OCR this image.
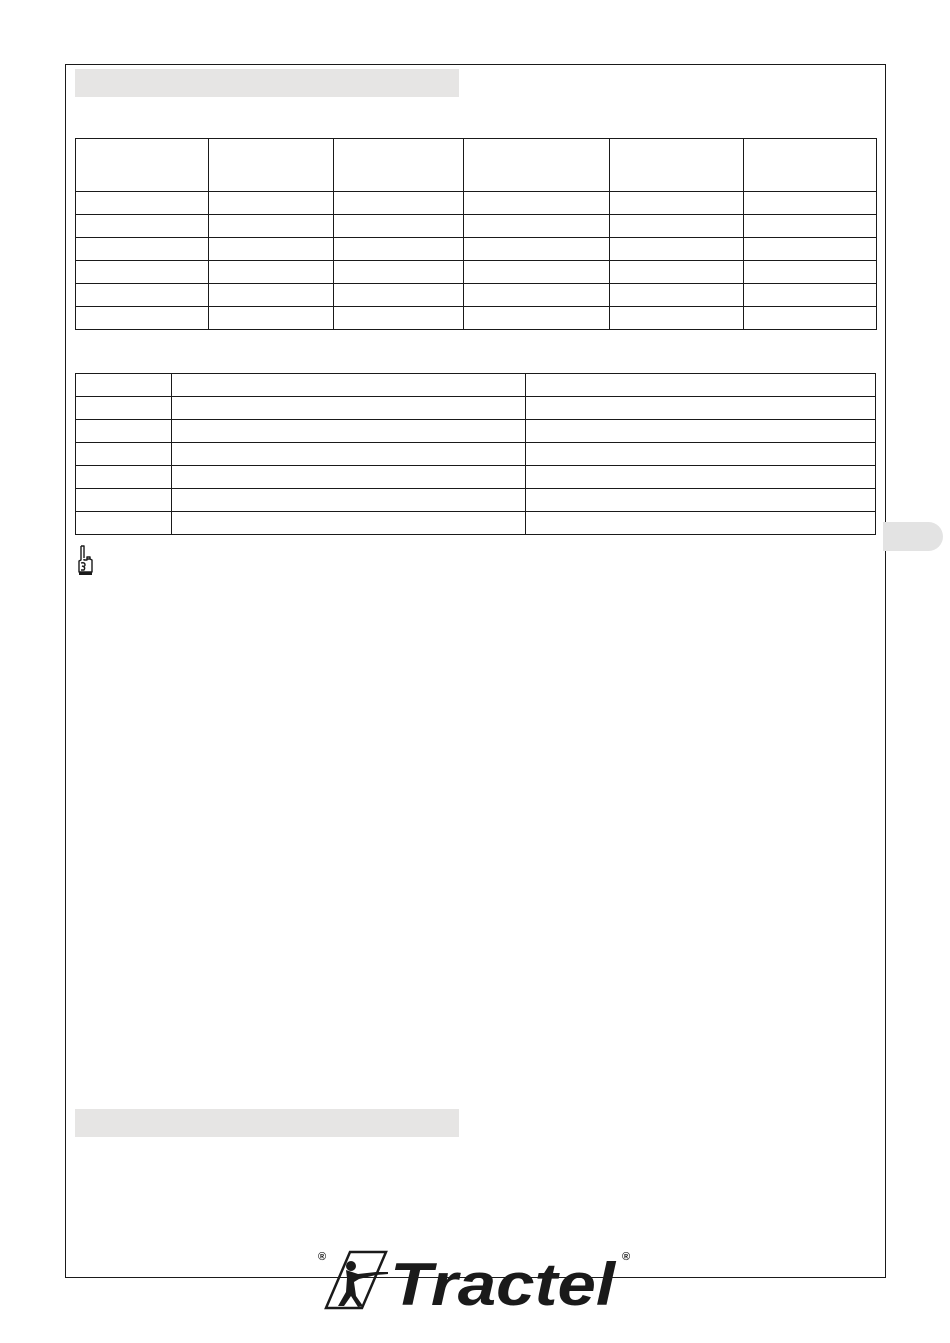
® Tractel ®
